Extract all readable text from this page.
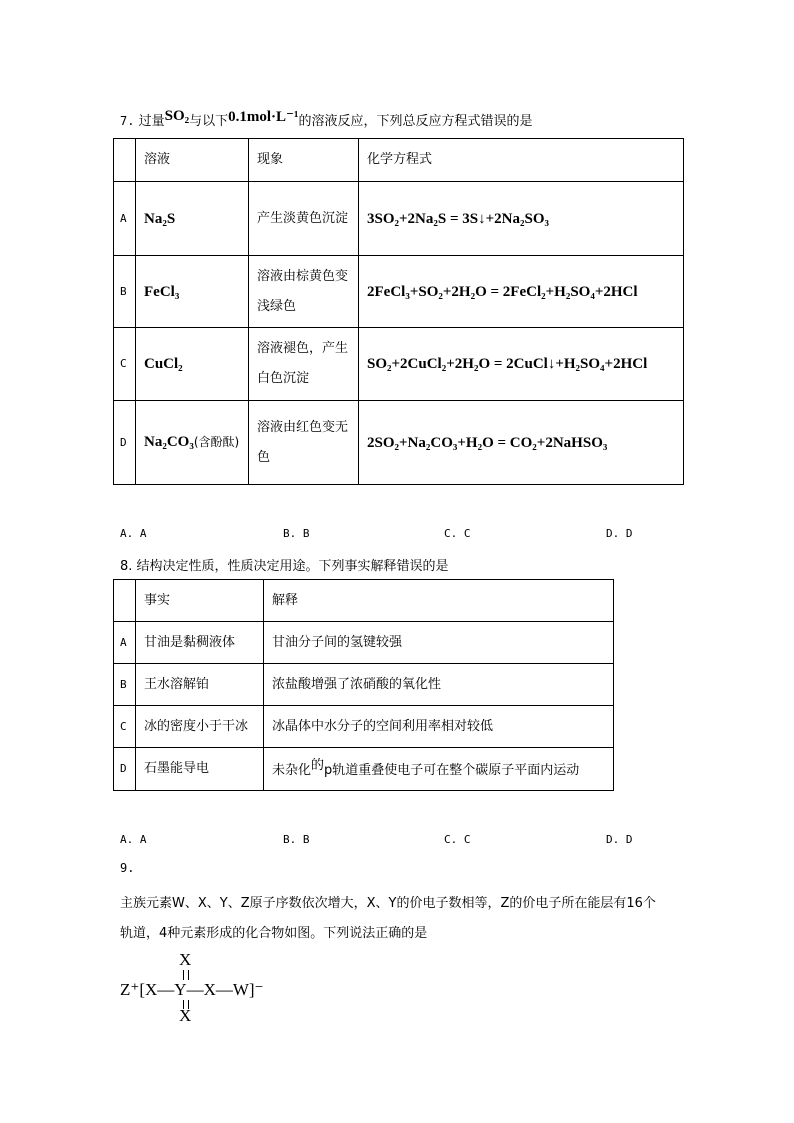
7. 过量SO₂与以下0.1mol·L⁻¹的溶液反应，下列总反应方程式错误的是
	溶液	现象	化学方程式
A	Na₂S	产生淡黄色沉淀	3SO₂+2Na₂S = 3S↓+2Na₂SO₃
B	FeCl₃	溶液由棕黄色变浅绿色	2FeCl₃+SO₂+2H₂O = 2FeCl₂+H₂SO₄+2HCl
C	CuCl₂	溶液褪色，产生白色沉淀	SO₂+2CuCl₂+2H₂O = 2CuCl↓+H₂SO₄+2HCl
D	Na₂CO₃(含酚酞)	溶液由红色变无色	2SO₂+Na₂CO₃+H₂O = CO₂+2NaHSO₃
A. A	B. B	C. C	D. D
8. 结构决定性质，性质决定用途。下列事实解释错误的是
	事实	解释
A	甘油是黏稠液体	甘油分子间的氢键较强
B	王水溶解铂	浓盐酸增强了浓硝酸的氧化性
C	冰的密度小于干冰	冰晶体中水分子的空间利用率相对较低
D	石墨能导电	未杂化的p轨道重叠使电子可在整个碳原子平面内运动
A. A	B. B	C. C	D. D
9.
主族元素W、X、Y、Z原子序数依次增大，X、Y的价电子数相等，Z的价电子所在能层有16个
轨道，4种元素形成的化合物如图。下列说法正确的是
X
Z⁺[X—Y—X—W]⁻
X
